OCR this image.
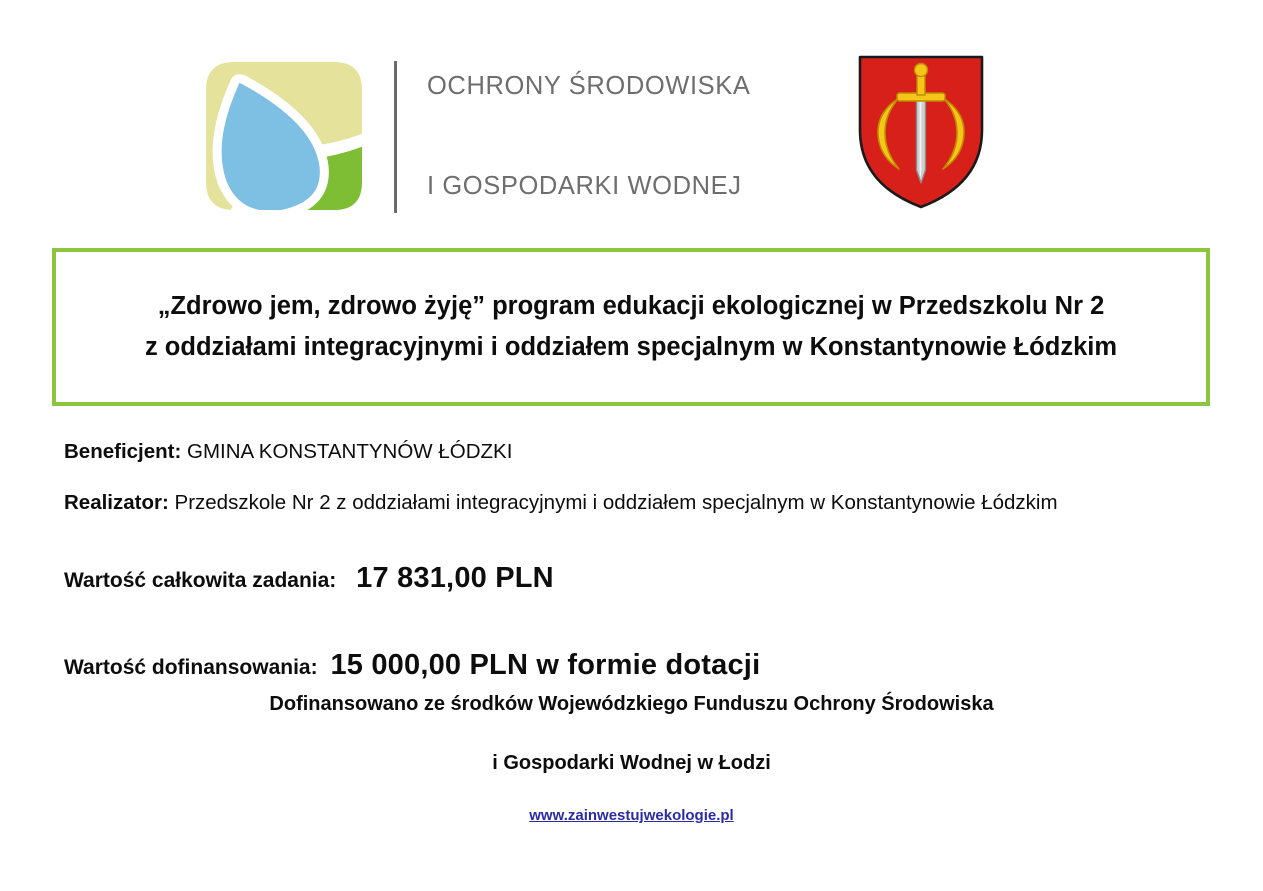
OCHRONY ŚRODOWISKA

I GOSPODARKI WODNEJ

„Zdrowo jem, zdrowo żyję” program edukacji ekologicznej w Przedszkolu Nr 2
z oddziałami integracyjnymi i oddziałem specjalnym w Konstantynowie Łódzkim
Beneficjent: GMINA KONSTANTYNÓW ŁÓDZKI
Realizator: Przedszkole Nr 2 z oddziałami integracyjnymi i oddziałem specjalnym w Konstantynowie Łódzkim
Wartość całkowita zadania: 17 831,00 PLN
Wartość dofinansowania: 15 000,00 PLN w formie dotacji
Dofinansowano ze środków Wojewódzkiego Funduszu Ochrony Środowiska
i Gospodarki Wodnej w Łodzi
www.zainwestujwekologie.pl
